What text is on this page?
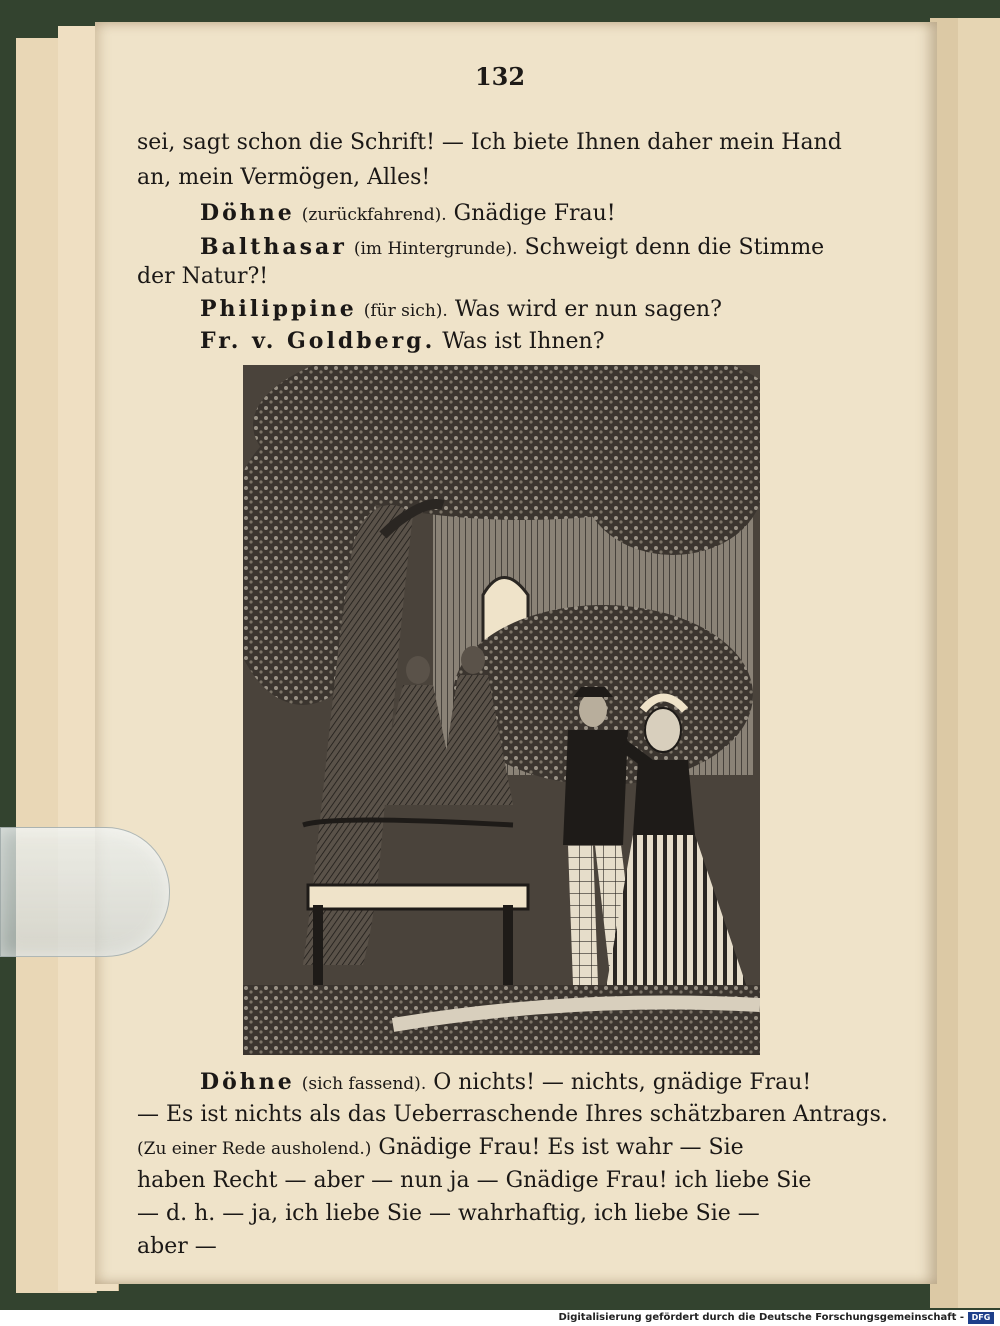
132
sei, sagt schon die Schrift! — Ich biete Ihnen daher mein Hand
an, mein Vermögen, Alles!
Döhne (zurückfahrend). Gnädige Frau!
Balthasar (im Hintergrunde). Schweigt denn die Stimme
der Natur?!
Philippine (für sich). Was wird er nun sagen?
Fr. v. Goldberg. Was ist Ihnen?
Döhne (sich fassend). O nichts! — nichts, gnädige Frau!
— Es ist nichts als das Ueberraschende Ihres schätzbaren Antrags.
(Zu einer Rede ausholend.) Gnädige Frau! Es ist wahr — Sie
haben Recht — aber — nun ja — Gnädige Frau! ich liebe Sie
— d. h. — ja, ich liebe Sie — wahrhaftig, ich liebe Sie —
aber —
Digitalisierung gefördert durch die Deutsche Forschungsgemeinschaft - DFG
